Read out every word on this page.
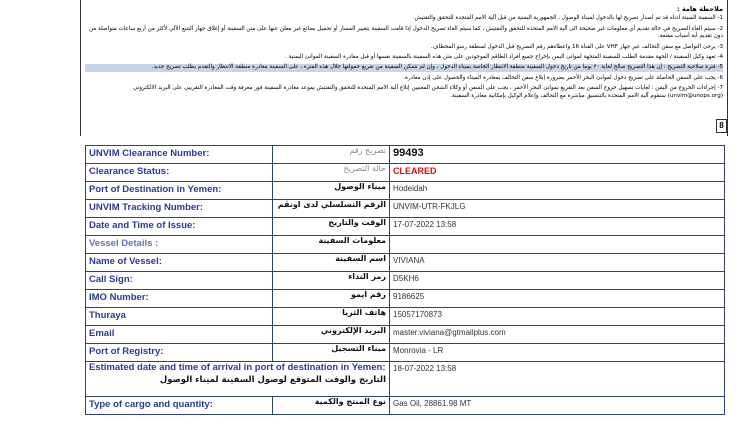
ملاحظة هامة :

1- السفينة المبينة ادناه قد تم اصدار تصريح لها بالدخول لميناء الوصول ، الجمهورية اليمنية من قبل آلية الامم المتحدة للتحقق والتفتيش.

2- سيتم الغاء التصريح في حالة تقديم أي معلومات غير صحيحة الى آلية الامم المتحدة للتحقق والتفتيش ، كما سيتم الغاء تصريح الدخول إذا قامت السفينة بتغيير المسار أو تحميل بضائع غير معلن عنها على متن السفينة أو إغلاق جهاز التتبع الآلي لأكثر من أربع ساعات متواصلة من دون تقديم أية أسباب مقنعة.

3- يرجى التواصل مع سفن التحالف عبر جهاز VHF على القناة 16 واعطاءهم رقم التصريح قبل الدخول لمنطقة رسو المخطاف.

4- تعهد وكيل السفينة / الجهة مقدمة الطلب للسفينة المتجهة لموانئ اليمن بإخراج جميع أفراد الطاقم الموجودين على متن هذه السفينة بالسفينة نفسها أو قبل مغادرة السفينة الموانئ اليمنية .

5- فترة صلاحية التصريح : إن هذا التصريح صالح لغاية ٢٠ يوما من تاريخ دخول السفينة منطقة الانتظار الخاصة بميناء الدخول ، وإن لم تتمكن السفينة من تفريغ حمولتها خلال هذه الفترة ، على السفينة مغادرة منطقة الانتظار والتقدم بطلب تصريح جديد.

6- يجب على السفن الحاصلة على تصريح دخول لموانئ البحر الأحمر بضرورة إبلاغ سفن التحالف بمغادرة الميناء والحصول على إذن مغادرة.

7- إجراءات الخروج من اليمن : لغايات تسهيل خروج السفن بعد التفريغ بموانئ البحر الأحمر ، يجب على السفن أو وكلاء الشحن المعنيين إبلاغ آلية الامم المتحدة للتحقق والتفتيش بموعد مغادرة السفينة فور معرفة وقت المغادرة التقريبي على البريد الالكتروني (unvim@unops.org) ستقوم آلية الامم المتحدة بالتنسيق مباشرة مع التحالف وإعلام الوكيل بإمكانية مغادرة السفينة.

8
UNVIM Clearance Number:	تصريح رقم	99493
Clearance Status:	حالة التصريح	CLEARED
Port of Destination in Yemen:	ميناء الوصول	Hodeidah
UNVIM Tracking Number:	الرقم التسلسلي لدى اونڤم	UNVIM-UTR-FKJLG
Date and Time of Issue:	الوقت والتاريخ	17-07-2022 13:58
Vessel Details :	معلومات السفينة	
Name of Vessel:	اسم السفينة	VIVIANA
Call Sign:	رمز النداء	D5KH6
IMO Number:	رقم ايمو	9186625
Thuraya	هاتف الثريا	15057170873
Email	البريد الإلكتروني	master.viviana@gtmailplus.com
Port of Registry:	ميناء التسجيل	Monrovia - LR
Estimated date and time of arrival in port of destination in Yemen:
التاريخ والوقت المتوقع لوصول السفينة لميناء الوصول		18-07-2022 13:58
Type of cargo and quantity:	نوع المنتج والكمية	Gas Oil, 28861.98 MT
